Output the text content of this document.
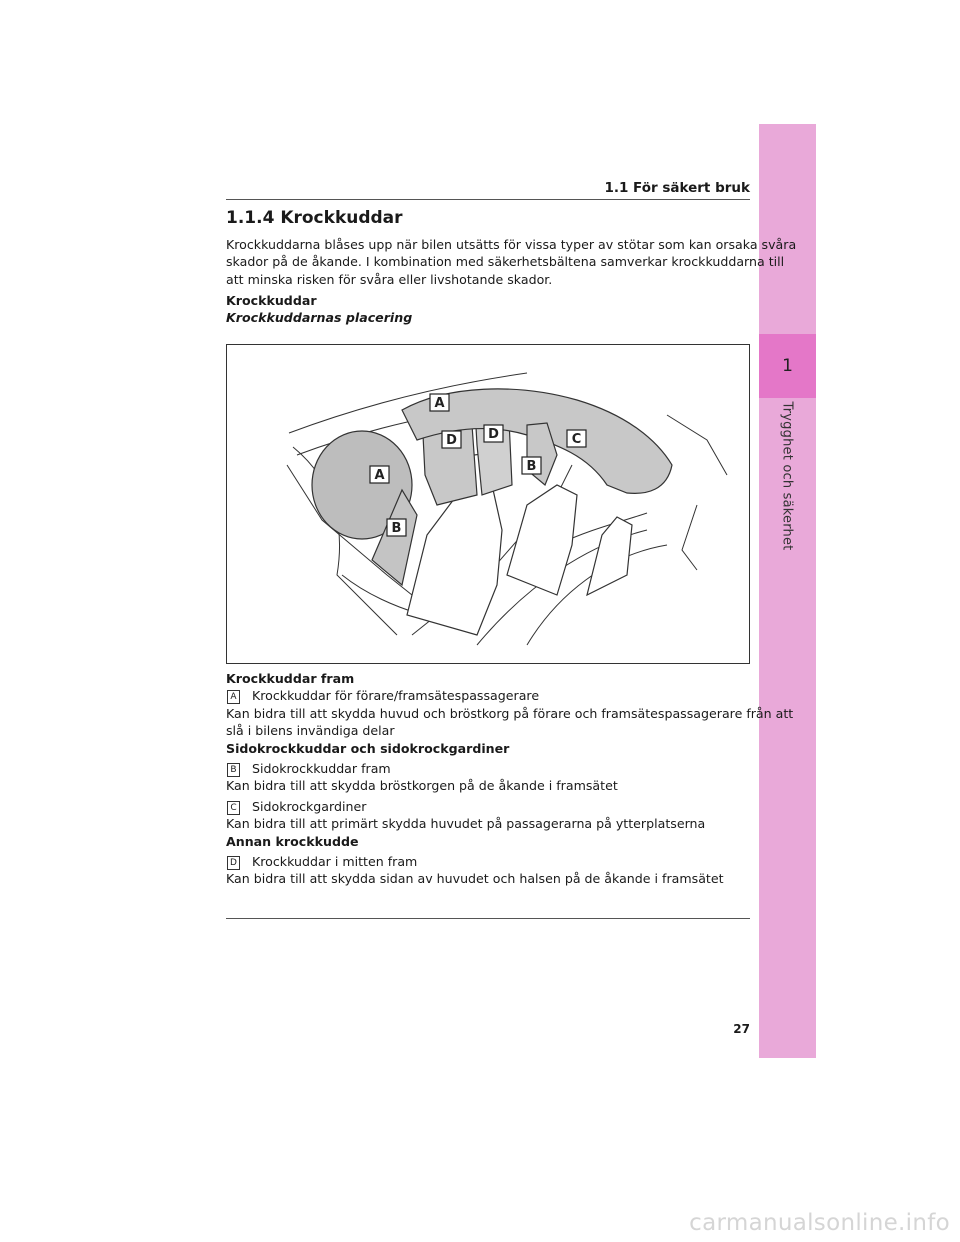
1
Trygghet och säkerhet
1.1 För säkert bruk
1.1.4 Krockkuddar
Krockkuddarna blåses upp när bilen utsätts för vissa typer av stötar som kan orsaka svåra
skador på de åkande. I kombination med säkerhetsbältena samverkar krockkuddarna till
att minska risken för svåra eller livshotande skador.
Krockkuddar
Krockkuddarnas placering
A
A
B
B
C
D D
Krockkuddar fram
A Krockkuddar för förare/framsätespassagerare
Kan bidra till att skydda huvud och bröstkorg på förare och framsätespassagerare från att
slå i bilens invändiga delar
Sidokrockkuddar och sidokrockgardiner
B Sidokrockkuddar fram
Kan bidra till att skydda bröstkorgen på de åkande i framsätet
C Sidokrockgardiner
Kan bidra till att primärt skydda huvudet på passagerarna på ytterplatserna
Annan krockkudde
D Krockkuddar i mitten fram
Kan bidra till att skydda sidan av huvudet och halsen på de åkande i framsätet
27
carmanualsonline.info
